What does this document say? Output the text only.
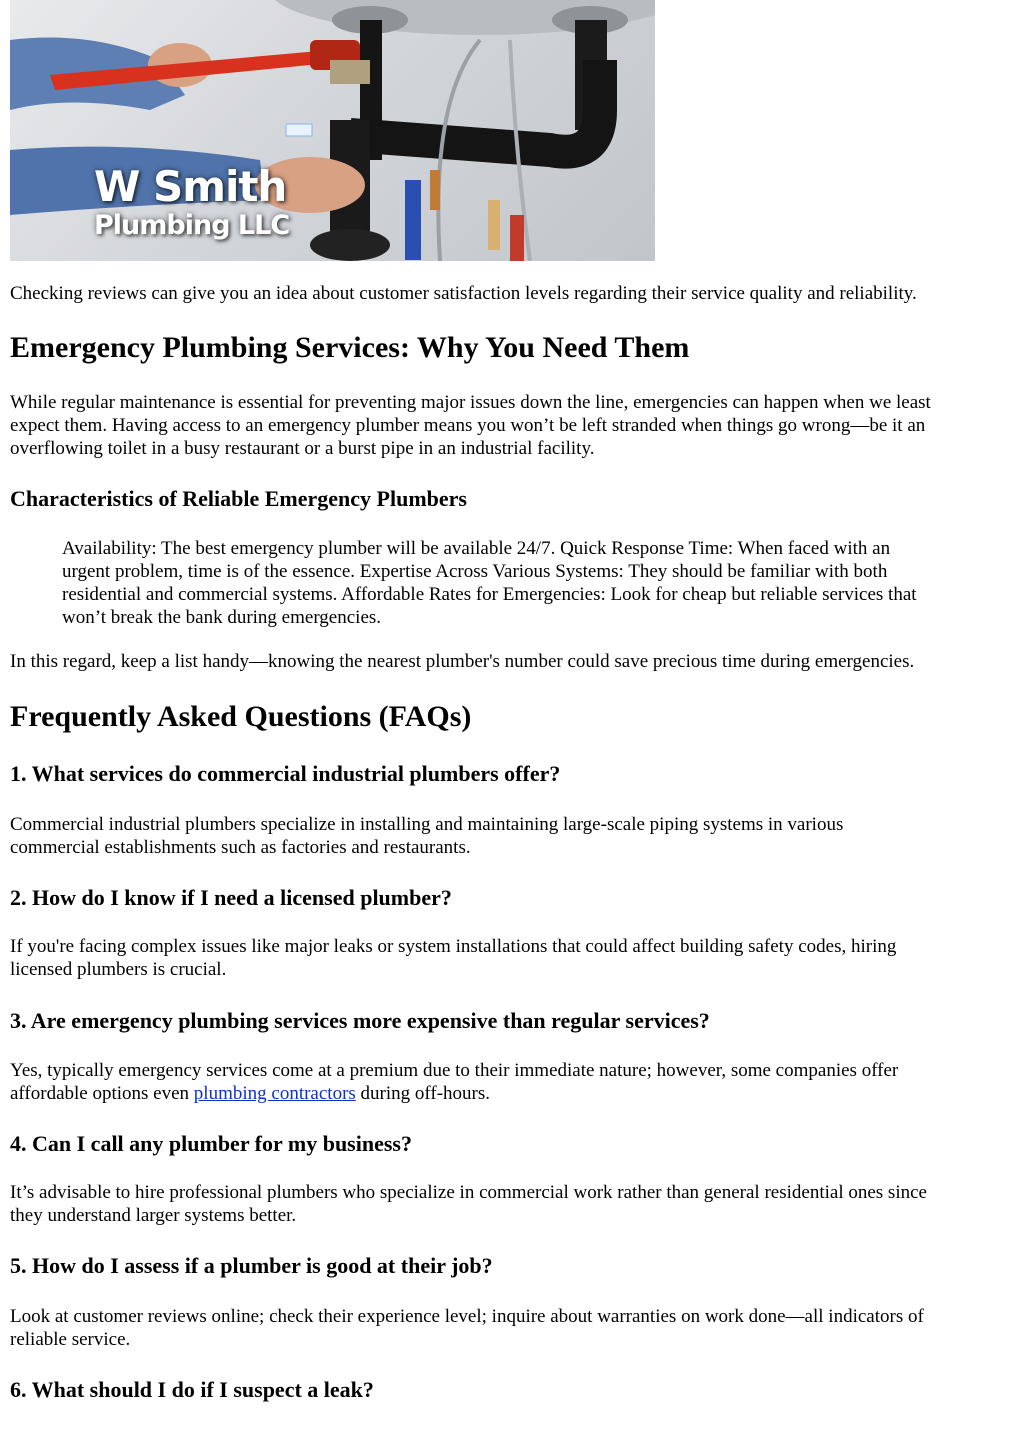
W Smith
Plumbing LLC

Checking reviews can give you an idea about customer satisfaction levels regarding their service quality and reliability.

Emergency Plumbing Services: Why You Need Them

While regular maintenance is essential for preventing major issues down the line, emergencies can happen when we least

expect them. Having access to an emergency plumber means you won’t be left stranded when things go wrong—be it an

overflowing toilet in a busy restaurant or a burst pipe in an industrial facility.

Characteristics of Reliable Emergency Plumbers

Availability: The best emergency plumber will be available 24/7. Quick Response Time: When faced with an

urgent problem, time is of the essence. Expertise Across Various Systems: They should be familiar with both

residential and commercial systems. Affordable Rates for Emergencies: Look for cheap but reliable services that

won’t break the bank during emergencies.

In this regard, keep a list handy—knowing the nearest plumber's number could save precious time during emergencies.

Frequently Asked Questions (FAQs)
1. What services do commercial industrial plumbers offer?

Commercial industrial plumbers specialize in installing and maintaining large-scale piping systems in various

commercial establishments such as factories and restaurants.

2. How do I know if I need a licensed plumber?

If you're facing complex issues like major leaks or system installations that could affect building safety codes, hiring

licensed plumbers is crucial.

3. Are emergency plumbing services more expensive than regular services?

Yes, typically emergency services come at a premium due to their immediate nature; however, some companies offer

affordable options even plumbing contractors during off-hours.

4. Can I call any plumber for my business?

It’s advisable to hire professional plumbers who specialize in commercial work rather than general residential ones since

they understand larger systems better.

5. How do I assess if a plumber is good at their job?

Look at customer reviews online; check their experience level; inquire about warranties on work done—all indicators of

reliable service.

6. What should I do if I suspect a leak?
